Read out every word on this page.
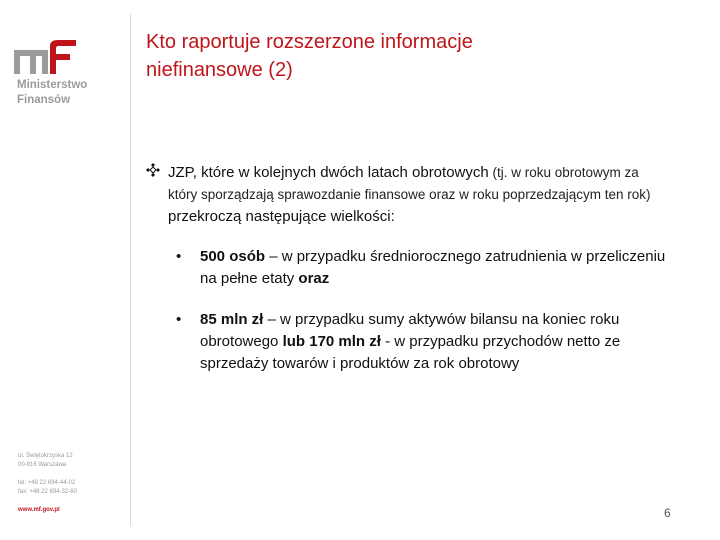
Ministerstwo
Finansów
ul. Świętokrzyska 12
00-916 Warszawa
tel: +48 22 694-44-02
fax: +48 22 694-32-60
www.mf.gov.pl
Kto raportuje rozszerzone informacje
niefinansowe (2)
JZP, które w kolejnych dwóch latach obrotowych (tj. w roku obrotowym za który sporządzają sprawozdanie finansowe oraz w roku poprzedzającym ten rok) przekroczą następujące wielkości:
•	500 osób – w przypadku średniorocznego zatrudnienia w przeliczeniu na pełne etaty oraz
•	85 mln zł – w przypadku sumy aktywów bilansu na koniec roku obrotowego lub 170 mln zł - w przypadku przychodów netto ze sprzedaży towarów i produktów za rok obrotowy
6
